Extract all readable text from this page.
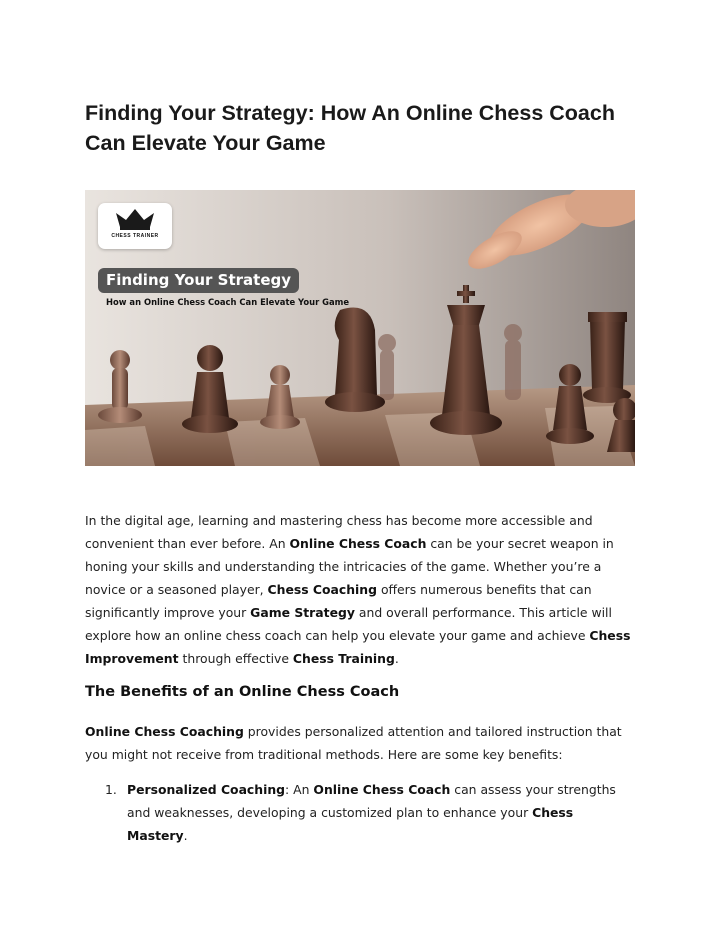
Finding Your Strategy: How An Online Chess Coach Can Elevate Your Game
CHESS TRAINER
Finding Your Strategy
How an Online Chess Coach Can Elevate Your Game

In the digital age, learning and mastering chess has become more accessible and convenient than ever before. An Online Chess Coach can be your secret weapon in honing your skills and understanding the intricacies of the game. Whether you’re a novice or a seasoned player, Chess Coaching offers numerous benefits that can significantly improve your Game Strategy and overall performance. This article will explore how an online chess coach can help you elevate your game and achieve Chess Improvement through effective Chess Training.

The Benefits of an Online Chess Coach

Online Chess Coaching provides personalized attention and tailored instruction that you might not receive from traditional methods. Here are some key benefits:

1. Personalized Coaching: An Online Chess Coach can assess your strengths and weaknesses, developing a customized plan to enhance your Chess Mastery.
